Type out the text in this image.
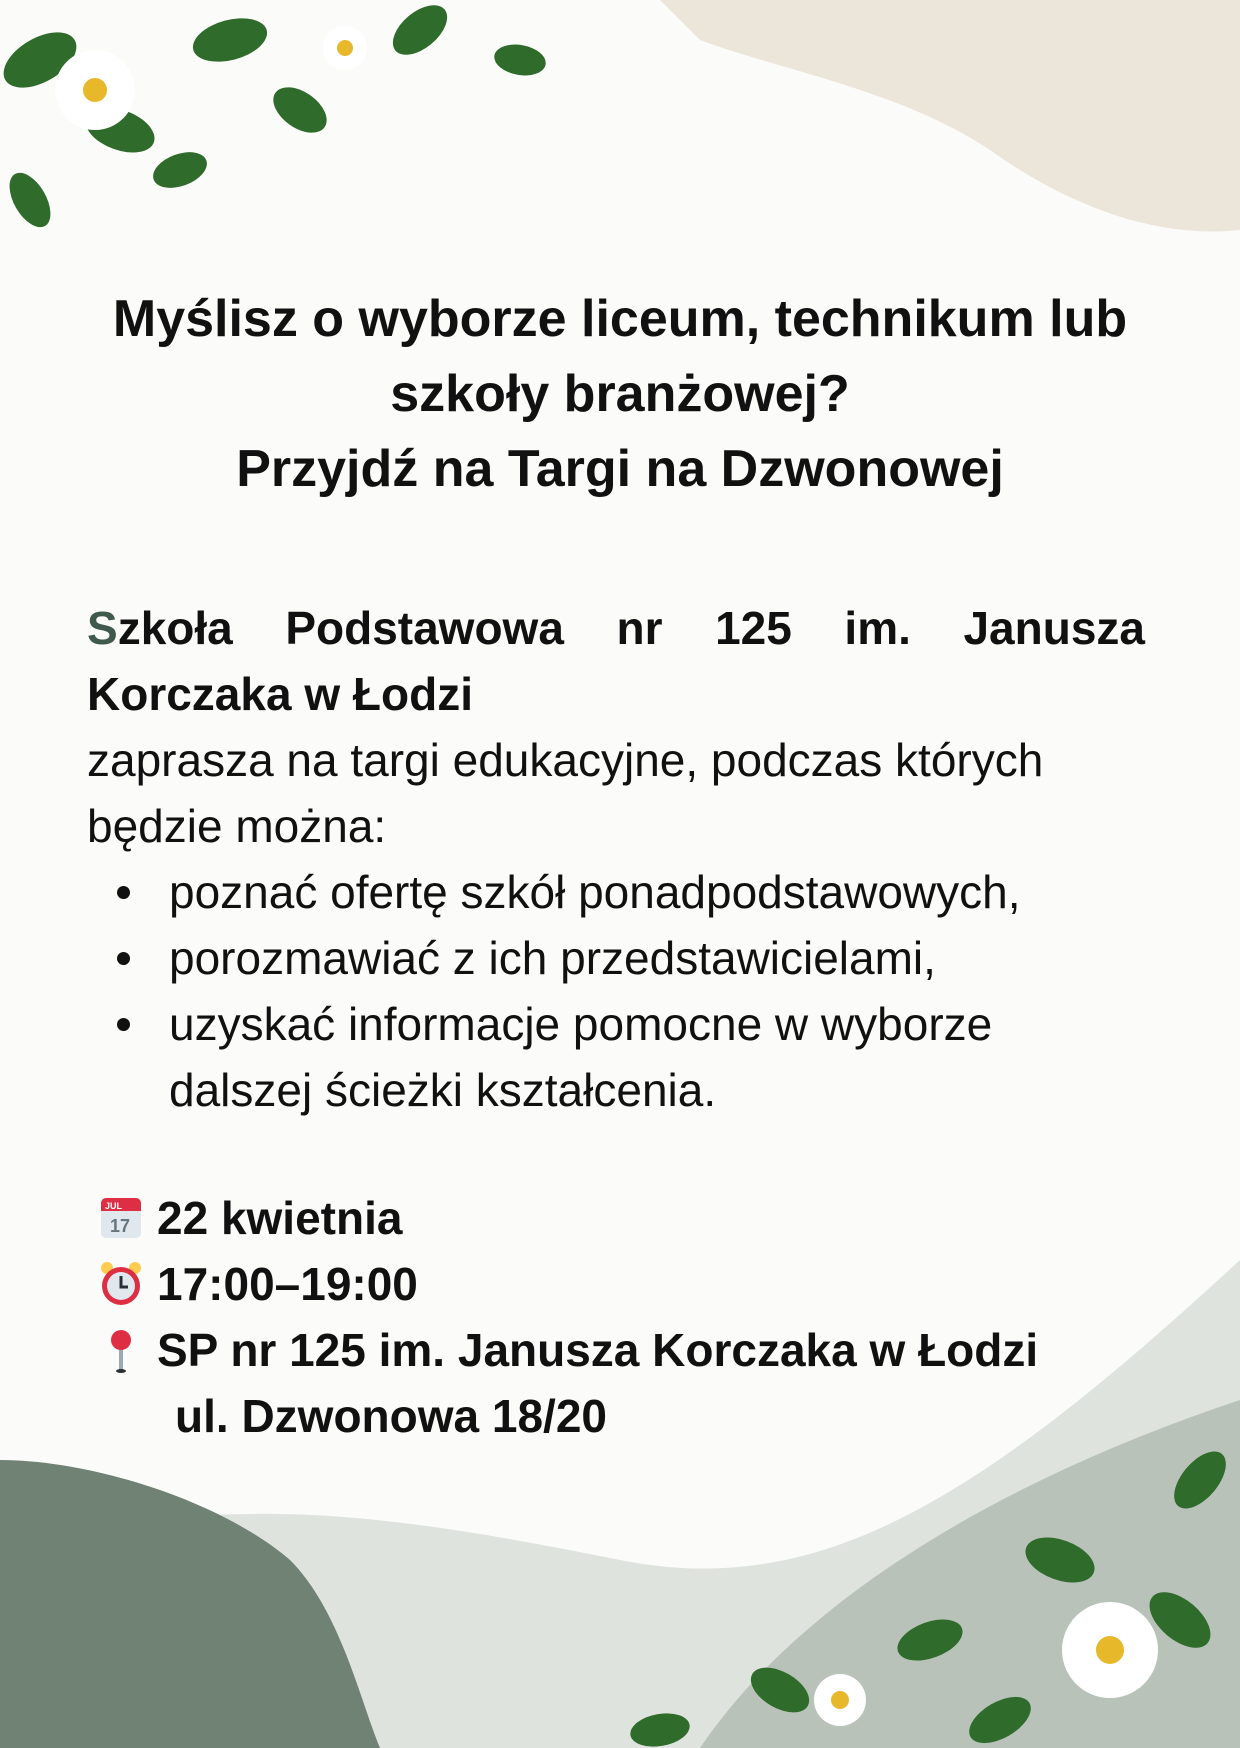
Myślisz o wyborze liceum, technikum lub
szkoły branżowej?
Przyjdź na Targi na Dzwonowej
Szkoła Podstawowa nr 125 im. Janusza Korczaka w Łodzi
zaprasza na targi edukacyjne, podczas których będzie można:
poznać ofertę szkół ponadpodstawowych,
porozmawiać z ich przedstawicielami,
uzyskać informacje pomocne w wyborze dalszej ścieżki kształcenia.
JUL
17 22 kwietnia
17:00–19:00
SP nr 125 im. Janusza Korczaka w Łodzi
ul. Dzwonowa 18/20
